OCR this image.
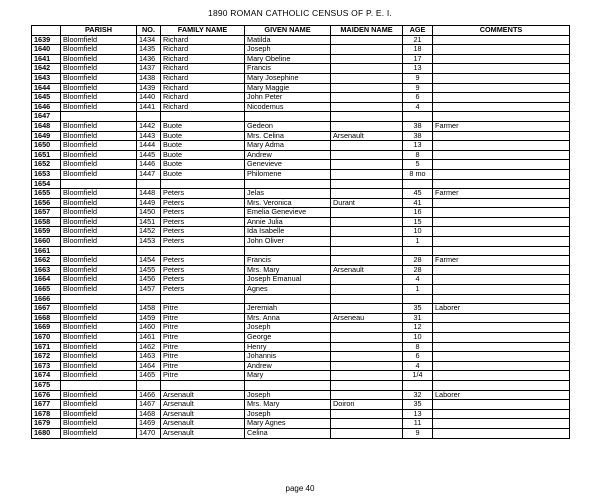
1890 ROMAN CATHOLIC CENSUS OF P. E. I.
	PARISH	NO.	FAMILY NAME	GIVEN NAME	MAIDEN NAME	AGE	COMMENTS
1639	Bloomfield	1434	Richard	Matilda		21	
1640	Bloomfield	1435	Richard	Joseph		18	
1641	Bloomfield	1436	Richard	Mary Obeline		17	
1642	Bloomfield	1437	Richard	Francis		13	
1643	Bloomfield	1438	Richard	Mary Josephine		9	
1644	Bloomfield	1439	Richard	Mary Maggie		9	
1645	Bloomfield	1440	Richard	John Peter		6	
1646	Bloomfield	1441	Richard	Nicodemus		4	
1647							
1648	Bloomfield	1442	Buote	Gedeon		38	Farmer
1649	Bloomfield	1443	Buote	Mrs. Celina	Arsenault	38	
1650	Bloomfield	1444	Buote	Mary Adma		13	
1651	Bloomfield	1445	Buote	Andrew		8	
1652	Bloomfield	1446	Buote	Genevieve		5	
1653	Bloomfield	1447	Buote	Philomene		8 mo	
1654							
1655	Bloomfield	1448	Peters	Jelas		45	Farmer
1656	Bloomfield	1449	Peters	Mrs. Veronica	Durant	41	
1657	Bloomfield	1450	Peters	Emelia Genevieve		16	
1658	Bloomfield	1451	Peters	Annie Julia		15	
1659	Bloomfield	1452	Peters	Ida Isabelle		10	
1660	Bloomfield	1453	Peters	John Oliver		1	
1661							
1662	Bloomfield	1454	Peters	Francis		28	Farmer
1663	Bloomfield	1455	Peters	Mrs. Mary	Arsenault	28	
1664	Bloomfield	1456	Peters	Joseph Emanual		4	
1665	Bloomfield	1457	Peters	Agnes		1	
1666							
1667	Bloomfield	1458	Pitre	Jeremiah		35	Laborer
1668	Bloomfield	1459	Pitre	Mrs. Anna	Arseneau	31	
1669	Bloomfield	1460	Pitre	Joseph		12	
1670	Bloomfield	1461	Pitre	George		10	
1671	Bloomfield	1462	Pitre	Henry		8	
1672	Bloomfield	1463	Pitre	Johannis		6	
1673	Bloomfield	1464	Pitre	Andrew		4	
1674	Bloomfield	1465	Pitre	Mary		1/4	
1675							
1676	Bloomfield	1466	Arsenault	Joseph		32	Laborer
1677	Bloomfield	1467	Arsenault	Mrs. Mary	Doiron	35	
1678	Bloomfield	1468	Arsenault	Joseph		13	
1679	Bloomfield	1469	Arsenault	Mary Agnes		11	
1680	Bloomfield	1470	Arsenault	Celina		9	
page 40
